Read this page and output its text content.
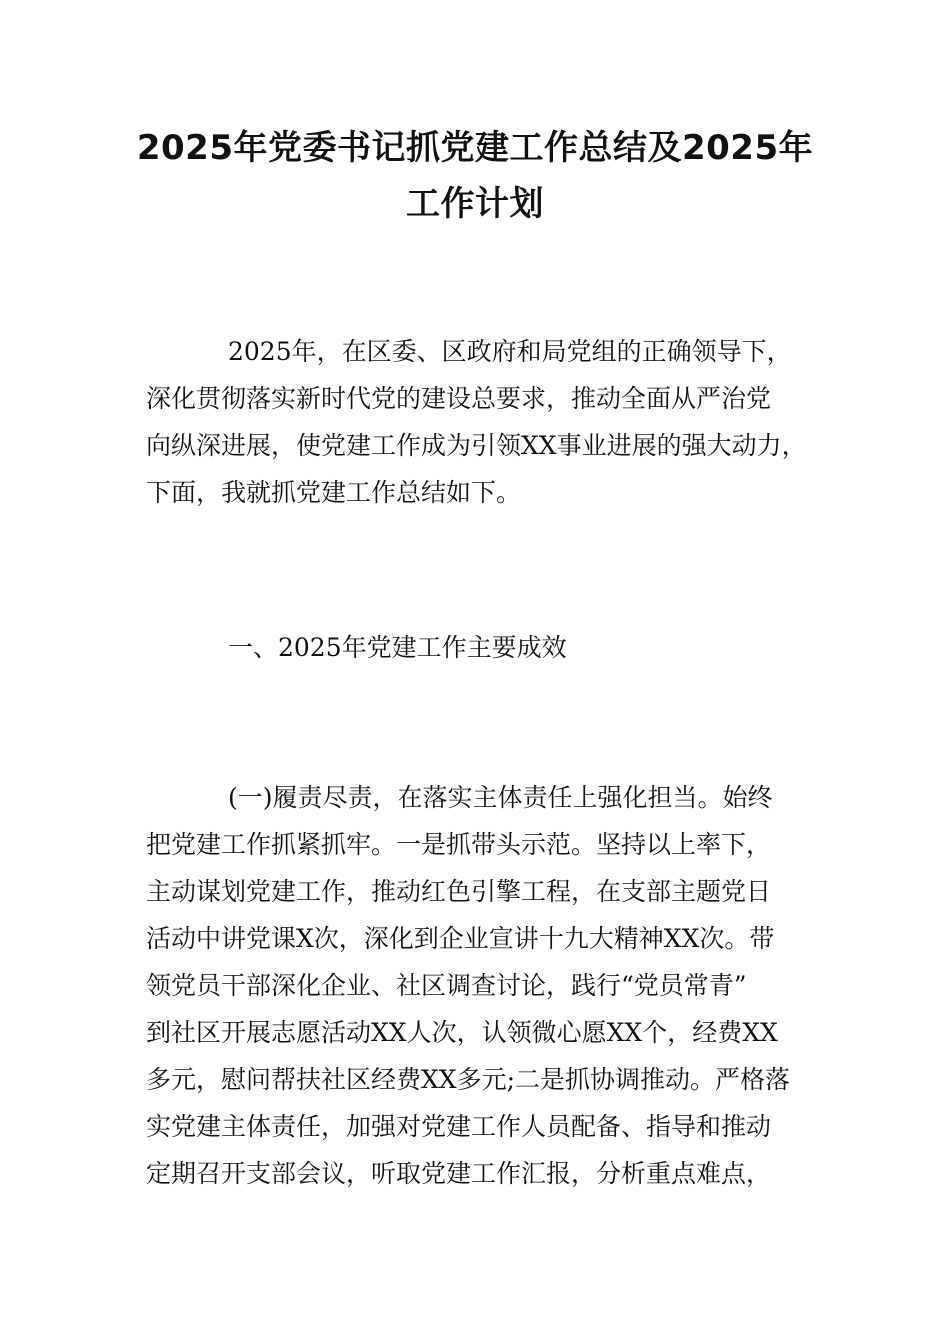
2025年党委书记抓党建工作总结及2025年
工作计划
2025年，在区委、区政府和局党组的正确领导下，
深化贯彻落实新时代党的建设总要求，推动全面从严治党
向纵深进展，使党建工作成为引领XX事业进展的强大动力，
下面，我就抓党建工作总结如下。
一、2025年党建工作主要成效
(一)履责尽责，在落实主体责任上强化担当。始终
把党建工作抓紧抓牢。一是抓带头示范。坚持以上率下，
主动谋划党建工作，推动红色引擎工程，在支部主题党日
活动中讲党课X次，深化到企业宣讲十九大精神XX次。带
领党员干部深化企业、社区调查讨论，践行“党员常青”
到社区开展志愿活动XX人次，认领微心愿XX个，经费XX
多元，慰问帮扶社区经费XX多元;二是抓协调推动。严格落
实党建主体责任，加强对党建工作人员配备、指导和推动
定期召开支部会议，听取党建工作汇报，分析重点难点，
